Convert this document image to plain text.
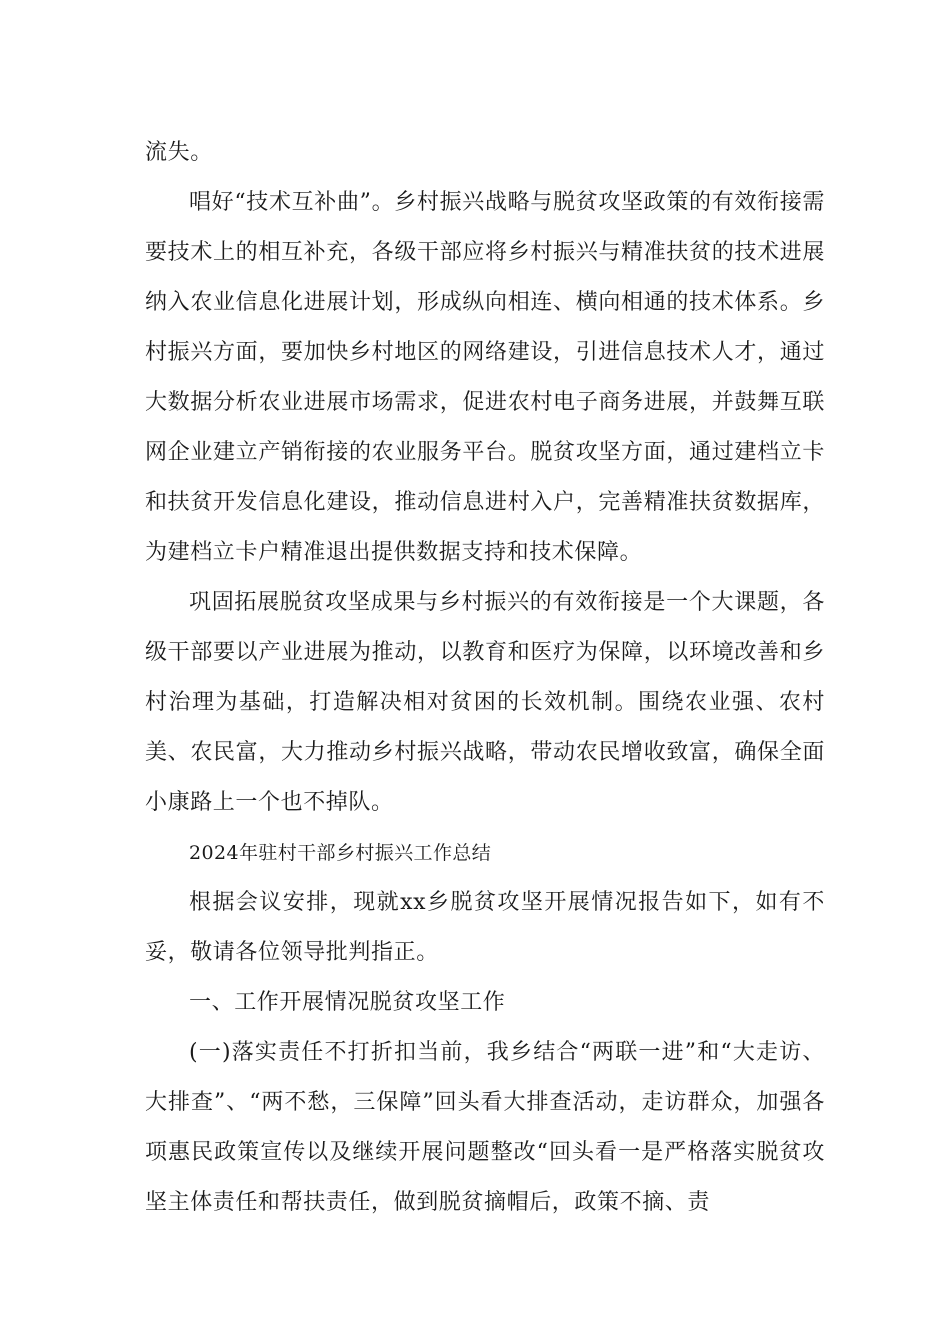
流失。

唱好“技术互补曲”。乡村振兴战略与脱贫攻坚政策的有效衔接需要技术上的相互补充，各级干部应将乡村振兴与精准扶贫的技术进展纳入农业信息化进展计划，形成纵向相连、横向相通的技术体系。乡村振兴方面，要加快乡村地区的网络建设，引进信息技术人才，通过大数据分析农业进展市场需求，促进农村电子商务进展，并鼓舞互联网企业建立产销衔接的农业服务平台。脱贫攻坚方面，通过建档立卡和扶贫开发信息化建设，推动信息进村入户，完善精准扶贫数据库，为建档立卡户精准退出提供数据支持和技术保障。

巩固拓展脱贫攻坚成果与乡村振兴的有效衔接是一个大课题，各级干部要以产业进展为推动，以教育和医疗为保障，以环境改善和乡村治理为基础，打造解决相对贫困的长效机制。围绕农业强、农村美、农民富，大力推动乡村振兴战略，带动农民增收致富，确保全面小康路上一个也不掉队。

2024年驻村干部乡村振兴工作总结

根据会议安排，现就xx乡脱贫攻坚开展情况报告如下，如有不妥，敬请各位领导批判指正。

一、工作开展情况脱贫攻坚工作

(一)落实责任不打折扣当前，我乡结合“两联一进”和“大走访、大排查”、“两不愁，三保障”回头看大排查活动，走访群众，加强各项惠民政策宣传以及继续开展问题整改“回头看一是严格落实脱贫攻坚主体责任和帮扶责任，做到脱贫摘帽后，政策不摘、责
